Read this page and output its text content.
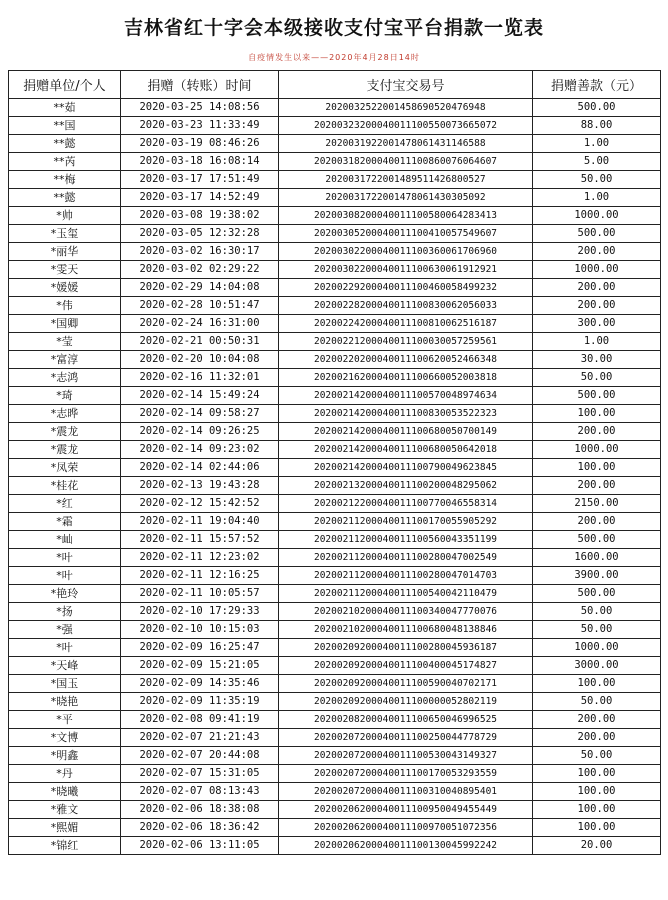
吉林省红十字会本级接收支付宝平台捐款一览表
自疫情发生以来——2020年4月28日14时
捐赠单位/个人	捐赠（转账）时间	支付宝交易号	捐赠善款（元）
**茹	2020-03-25 14:08:56	2020032522001458690520476948	500.00
**国	2020-03-23 11:33:49	20200323200040011100550073665072	88.00
**懿	2020-03-19 08:46:26	2020031922001478061431146588	1.00
**芮	2020-03-18 16:08:14	20200318200040011100860076064607	5.00
**梅	2020-03-17 17:51:49	2020031722001489511426800527	50.00
**懿	2020-03-17 14:52:49	2020031722001478061430305092	1.00
*帅	2020-03-08 19:38:02	20200308200040011100580064283413	1000.00
*玉玺	2020-03-05 12:32:28	20200305200040011100410057549607	500.00
*丽华	2020-03-02 16:30:17	20200302200040011100360061706960	200.00
*雯天	2020-03-02 02:29:22	20200302200040011100630061912921	1000.00
*媛媛	2020-02-29 14:04:08	20200229200040011100460058499232	200.00
*伟	2020-02-28 10:51:47	20200228200040011100830062056033	200.00
*国卿	2020-02-24 16:31:00	20200224200040011100810062516187	300.00
*莹	2020-02-21 00:50:31	20200221200040011100030057259561	1.00
*富淳	2020-02-20 10:04:08	20200220200040011100620052466348	30.00
*志鸿	2020-02-16 11:32:01	20200216200040011100660052003818	50.00
*琦	2020-02-14 15:49:24	20200214200040011100570048974634	500.00
*志晔	2020-02-14 09:58:27	20200214200040011100830053522323	100.00
*震龙	2020-02-14 09:26:25	20200214200040011100680050700149	200.00
*震龙	2020-02-14 09:23:02	20200214200040011100680050642018	1000.00
*凤荣	2020-02-14 02:44:06	20200214200040011100790049623845	100.00
*桂花	2020-02-13 19:43:28	20200213200040011100200048295062	200.00
*红	2020-02-12 15:42:52	20200212200040011100770046558314	2150.00
*霜	2020-02-11 19:04:40	20200211200040011100170055905292	200.00
*屾	2020-02-11 15:57:52	20200211200040011100560043351199	500.00
*叶	2020-02-11 12:23:02	20200211200040011100280047002549	1600.00
*叶	2020-02-11 12:16:25	20200211200040011100280047014703	3900.00
*艳玲	2020-02-11 10:05:57	20200211200040011100540042110479	500.00
*扬	2020-02-10 17:29:33	20200210200040011100340047770076	50.00
*强	2020-02-10 10:15:03	20200210200040011100680048138846	50.00
*叶	2020-02-09 16:25:47	20200209200040011100280045936187	1000.00
*天峰	2020-02-09 15:21:05	20200209200040011100400045174827	3000.00
*国玉	2020-02-09 14:35:46	20200209200040011100590040702171	100.00
*晓艳	2020-02-09 11:35:19	20200209200040011100000052802119	50.00
*平	2020-02-08 09:41:19	20200208200040011100650046996525	200.00
*文博	2020-02-07 21:21:43	20200207200040011100250044778729	200.00
*明鑫	2020-02-07 20:44:08	20200207200040011100530043149327	50.00
*丹	2020-02-07 15:31:05	20200207200040011100170053293559	100.00
*晓曦	2020-02-07 08:13:43	20200207200040011100310040895401	100.00
*雅文	2020-02-06 18:38:08	20200206200040011100950049455449	100.00
*熙媚	2020-02-06 18:36:42	20200206200040011100970051072356	100.00
*锦红	2020-02-06 13:11:05	20200206200040011100130045992242	20.00
